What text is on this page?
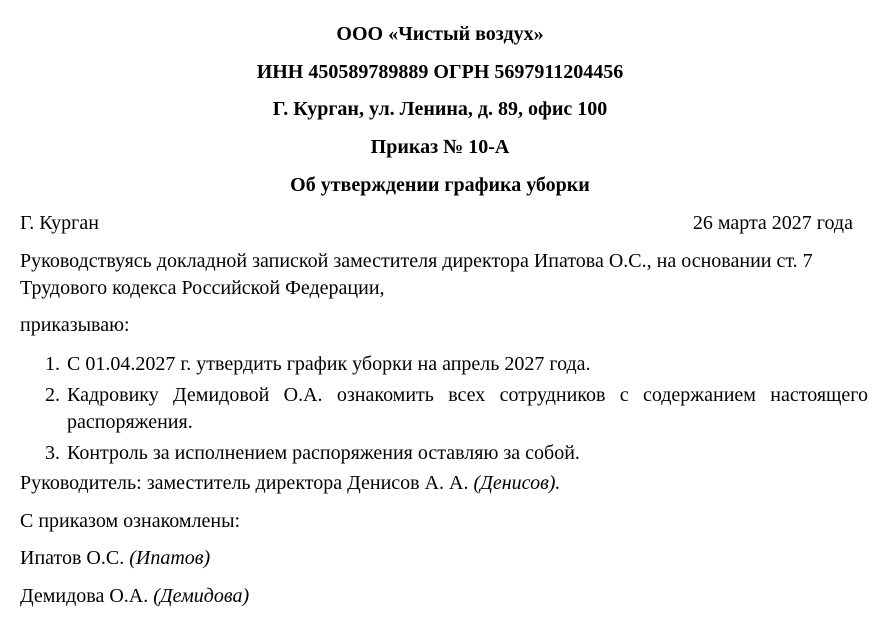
ООО «Чистый воздух»
ИНН 450589789889 ОГРН 5697911204456
Г. Курган, ул. Ленина, д. 89, офис 100
Приказ № 10-А
Об утверждении графика уборки
Г. Курган	26 марта 2027 года
Руководствуясь докладной запиской заместителя директора Ипатова О.С., на основании ст. 7 Трудового кодекса Российской Федерации,
приказываю:
1. С 01.04.2027 г. утвердить график уборки на апрель 2027 года.
2. Кадровику Демидовой О.А. ознакомить всех сотрудников с содержанием настоящего распоряжения.
3. Контроль за исполнением распоряжения оставляю за собой.
Руководитель: заместитель директора Денисов А. А. (Денисов).
С приказом ознакомлены:
Ипатов О.С. (Ипатов)
Демидова О.А. (Демидова)
